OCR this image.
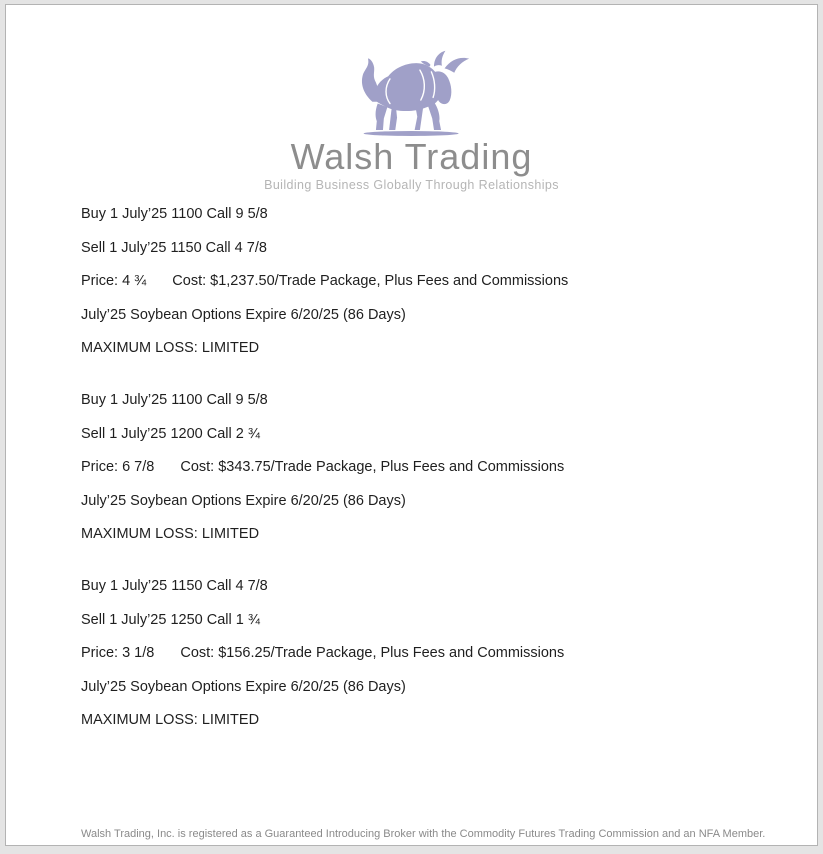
Walsh Trading
Building Business Globally Through Relationships

Buy 1 July’25 1100 Call 9 5/8

Sell 1 July’25 1150 Call 4 7/8

Price: 4 ¾ Cost: $1,237.50/Trade Package, Plus Fees and Commissions

July’25 Soybean Options Expire 6/20/25 (86 Days)

MAXIMUM LOSS: LIMITED

Buy 1 July’25 1100 Call 9 5/8

Sell 1 July’25 1200 Call 2 ¾

Price: 6 7/8 Cost: $343.75/Trade Package, Plus Fees and Commissions

July’25 Soybean Options Expire 6/20/25 (86 Days)

MAXIMUM LOSS: LIMITED

Buy 1 July’25 1150 Call 4 7/8

Sell 1 July’25 1250 Call 1 ¾

Price: 3 1/8 Cost: $156.25/Trade Package, Plus Fees and Commissions

July’25 Soybean Options Expire 6/20/25 (86 Days)

MAXIMUM LOSS: LIMITED

Walsh Trading, Inc. is registered as a Guaranteed Introducing Broker with the Commodity Futures Trading Commission and an NFA Member.
